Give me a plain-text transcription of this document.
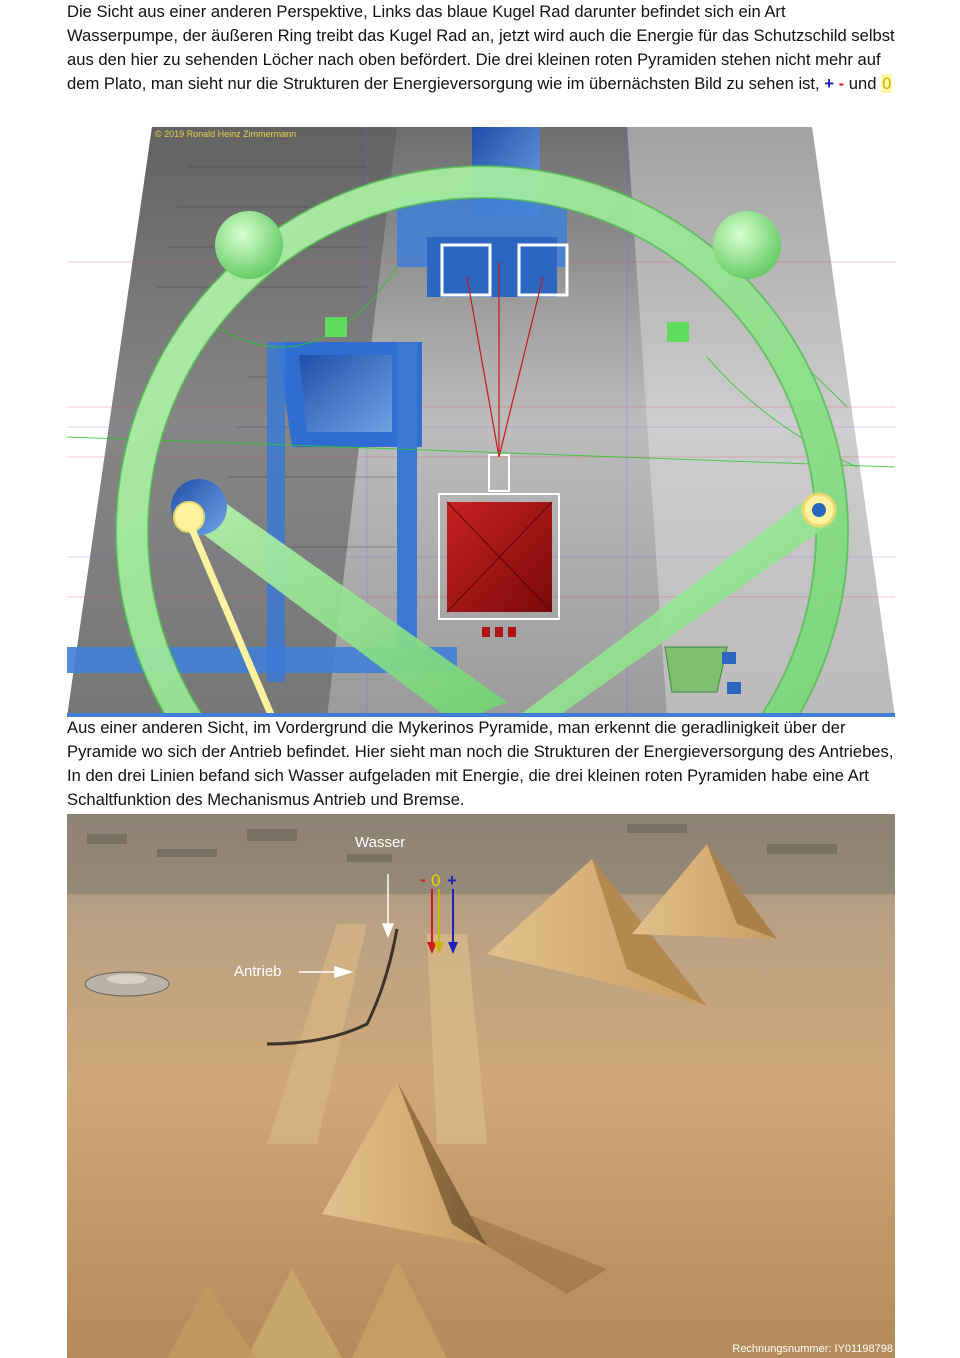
Die Sicht aus einer anderen Perspektive, Links das blaue Kugel Rad darunter befindet sich ein Art Wasserpumpe, der äußeren Ring treibt das Kugel Rad an, jetzt wird auch die Energie für das Schutzschild selbst aus den hier zu sehenden Löcher nach oben befördert. Die drei kleinen roten Pyramiden stehen nicht mehr auf dem Plato, man sieht nur die Strukturen der Energieversorgung wie im übernächsten Bild zu sehen ist, + - und 0

© 2019 Ronald Heinz Zimmermann

Aus einer anderen Sicht, im Vordergrund die Mykerinos Pyramide, man erkennt die geradlinigkeit über der Pyramide wo sich der Antrieb befindet. Hier sieht man noch die Strukturen der Energieversorgung des Antriebes, In den drei Linien befand sich Wasser aufgeladen mit Energie, die drei kleinen roten Pyramiden habe eine Art Schaltfunktion des Mechanismus Antrieb und Bremse.

Wasser
Antrieb
- 0 +
Rechnungsnummer: IY01198798
